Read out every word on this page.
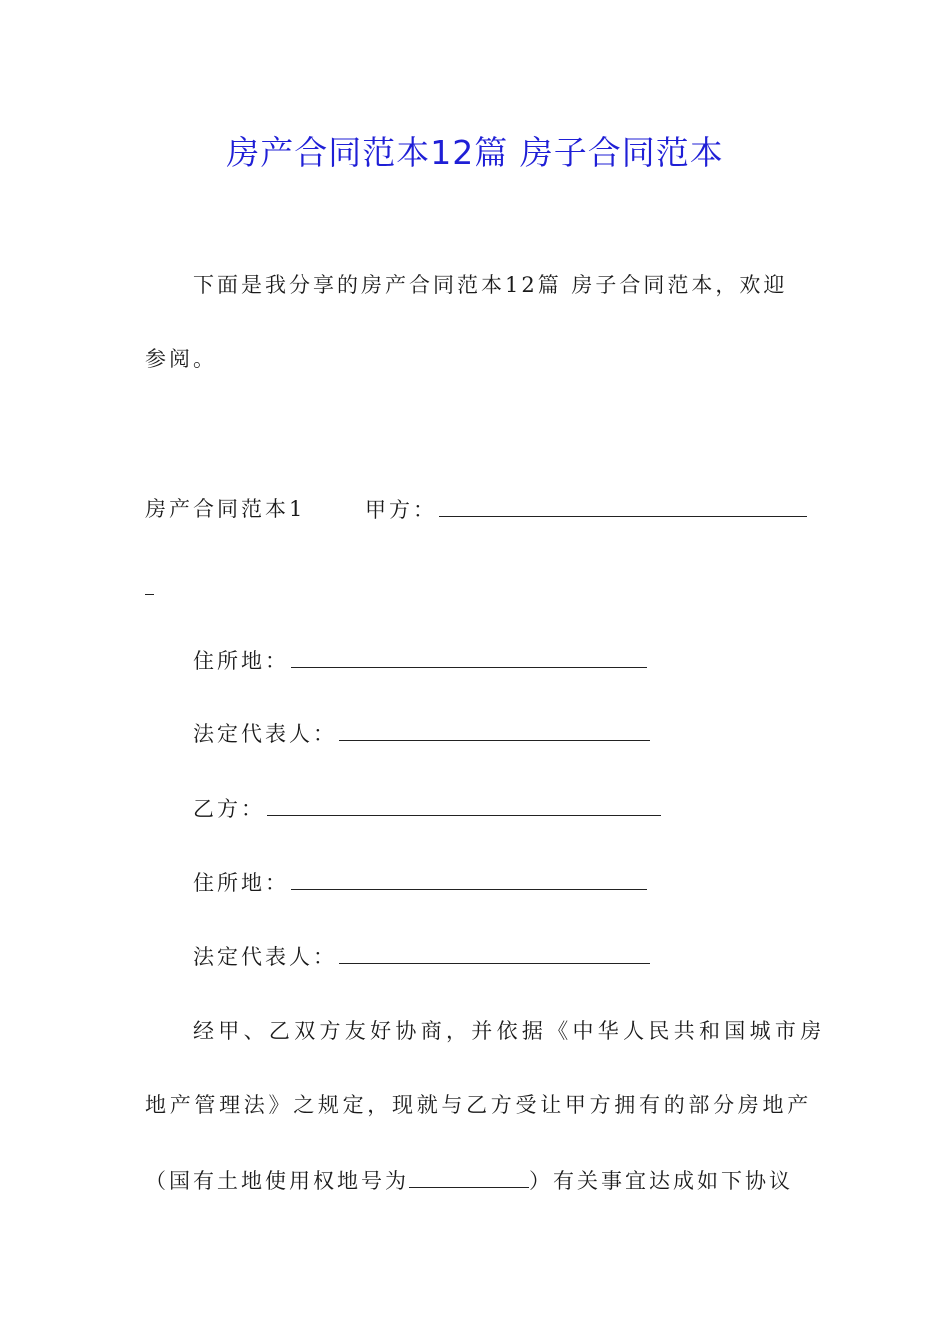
房产合同范本12篇 房子合同范本
下面是我分享的房产合同范本12篇 房子合同范本，欢迎
参阅。
房产合同范本1	甲方：
住所地：
法定代表人：
乙方：
住所地：
法定代表人：
经甲、乙双方友好协商，并依据《中华人民共和国城市房
地产管理法》之规定，现就与乙方受让甲方拥有的部分房地产
（国有土地使用权地号为	）有关事宜达成如下协议
